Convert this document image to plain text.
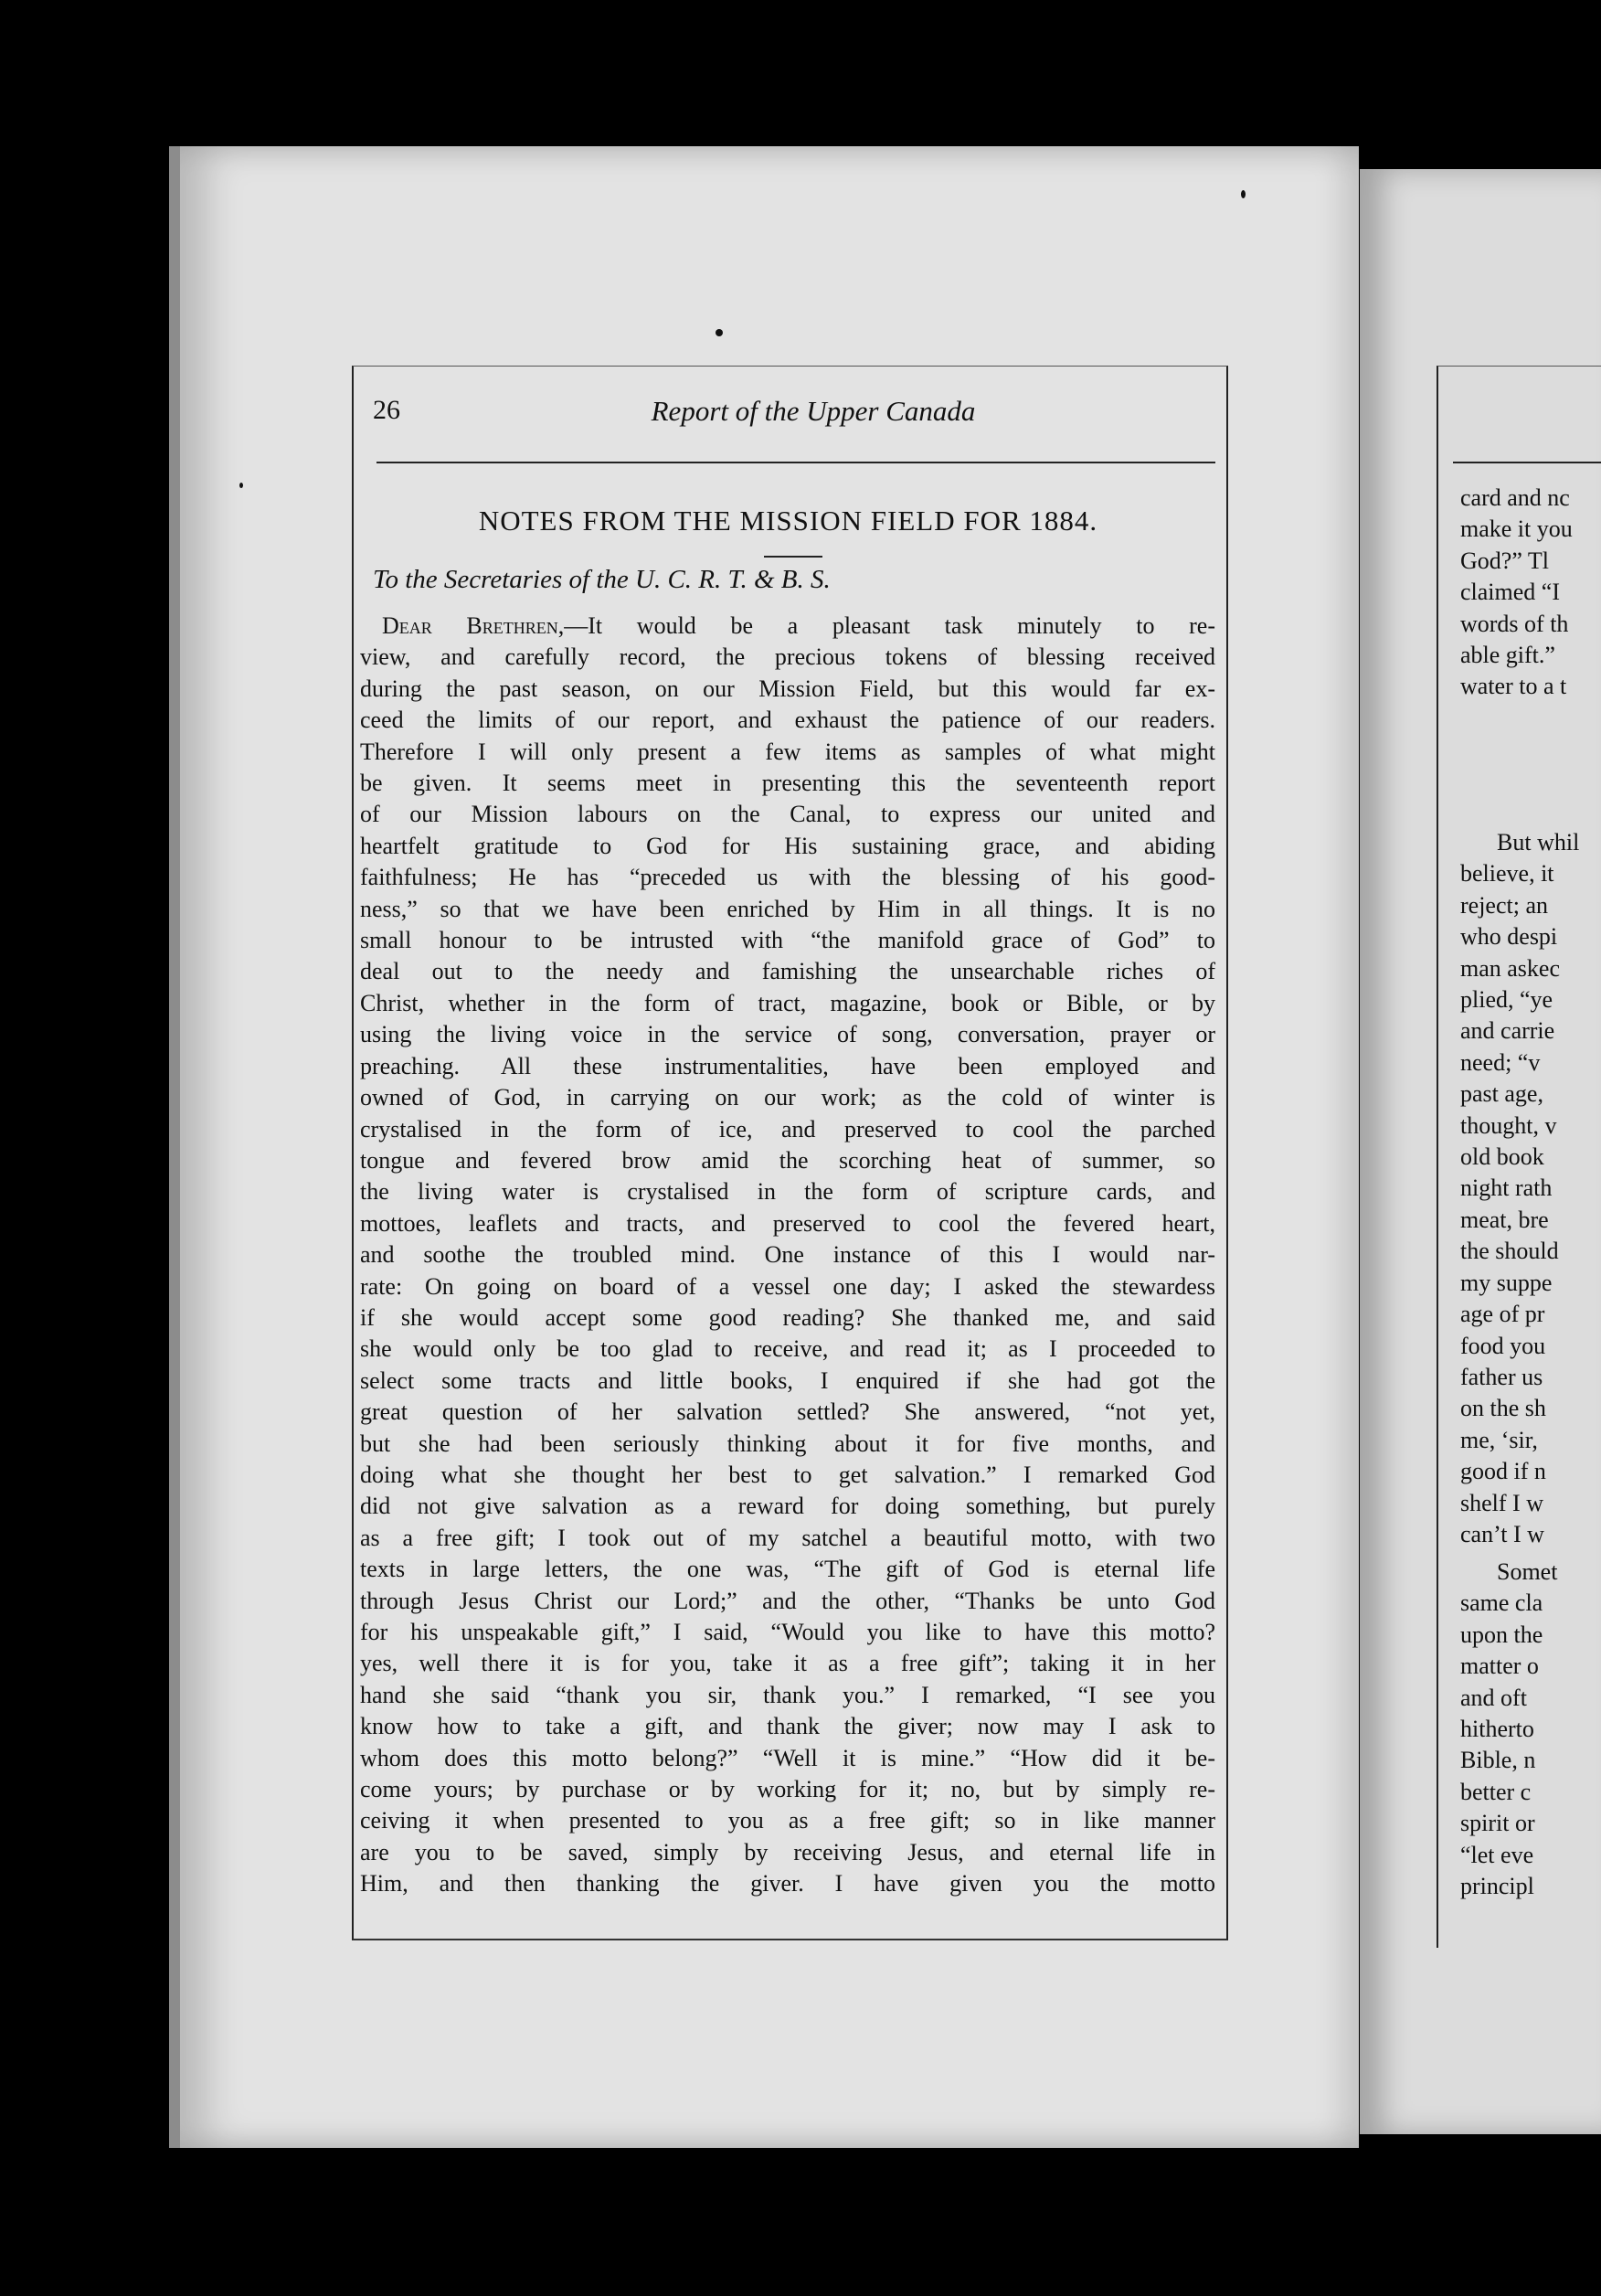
26	Report of the Upper Canada
NOTES FROM THE MISSION FIELD FOR 1884.
To the Secretaries of the U. C. R. T. & B. S.
Dear Brethren,—It would be a pleasant task minutely to re-
view, and carefully record, the precious tokens of blessing received
during the past season, on our Mission Field, but this would far ex-
ceed the limits of our report, and exhaust the patience of our readers.
Therefore I will only present a few items as samples of what might
be given. It seems meet in presenting this the seventeenth report
of our Mission labours on the Canal, to express our united and
heartfelt gratitude to God for His sustaining grace, and abiding
faithfulness; He has “preceded us with the blessing of his good-
ness,” so that we have been enriched by Him in all things. It is no
small honour to be intrusted with “the manifold grace of God” to
deal out to the needy and famishing the unsearchable riches of
Christ, whether in the form of tract, magazine, book or Bible, or by
using the living voice in the service of song, conversation, prayer or
preaching. All these instrumentalities, have been employed and
owned of God, in carrying on our work; as the cold of winter is
crystalised in the form of ice, and preserved to cool the parched
tongue and fevered brow amid the scorching heat of summer, so
the living water is crystalised in the form of scripture cards, and
mottoes, leaflets and tracts, and preserved to cool the fevered heart,
and soothe the troubled mind. One instance of this I would nar-
rate: On going on board of a vessel one day; I asked the stewardess
if she would accept some good reading? She thanked me, and said
she would only be too glad to receive, and read it; as I proceeded to
select some tracts and little books, I enquired if she had got the
great question of her salvation settled? She answered, “not yet,
but she had been seriously thinking about it for five months, and
doing what she thought her best to get salvation.” I remarked God
did not give salvation as a reward for doing something, but purely
as a free gift; I took out of my satchel a beautiful motto, with two
texts in large letters, the one was, “The gift of God is eternal life
through Jesus Christ our Lord;” and the other, “Thanks be unto God
for his unspeakable gift,” I said, “Would you like to have this motto?
yes, well there it is for you, take it as a free gift”; taking it in her
hand she said “thank you sir, thank you.” I remarked, “I see you
know how to take a gift, and thank the giver; now may I ask to
whom does this motto belong?” “Well it is mine.” “How did it be-
come yours; by purchase or by working for it; no, but by simply re-
ceiving it when presented to you as a free gift; so in like manner
are you to be saved, simply by receiving Jesus, and eternal life in
Him, and then thanking the giver. I have given you the motto
card and nc
make it you
God?” Tl
claimed “I
words of th
able gift.”
water to a t
But whil
believe, it
reject; an
who despi
man askec
plied, “ye
and carrie
need; “v
past age,
thought, v
old book
night rath
meat, bre
the should
my suppe
age of pr
food you
father us
on the sh
me, ‘sir,
good if n
shelf I w
can’t I w
Somet
same cla
upon the
matter o
and oft
hitherto
Bible, n
better c
spirit or
“let eve
principl
